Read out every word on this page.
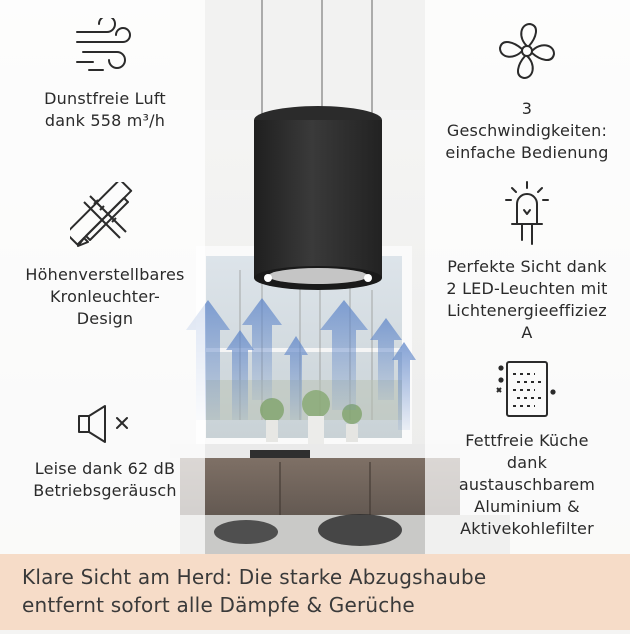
Dunstfreie Luft
dank 558 m³/h
Höhenverstellbares
Kronleuchter-
Design
Leise dank 62 dB
Betriebsgeräusch
3
Geschwindigkeiten:
einfache Bedienung
Perfekte Sicht dank
2 LED-Leuchten mit
Lichtenergieeffiziez
A
Fettfreie Küche
dank
austauschbarem
Aluminium &
Aktivekohlefilter
Klare Sicht am Herd: Die starke Abzugshaube
entfernt sofort alle Dämpfe & Gerüche
